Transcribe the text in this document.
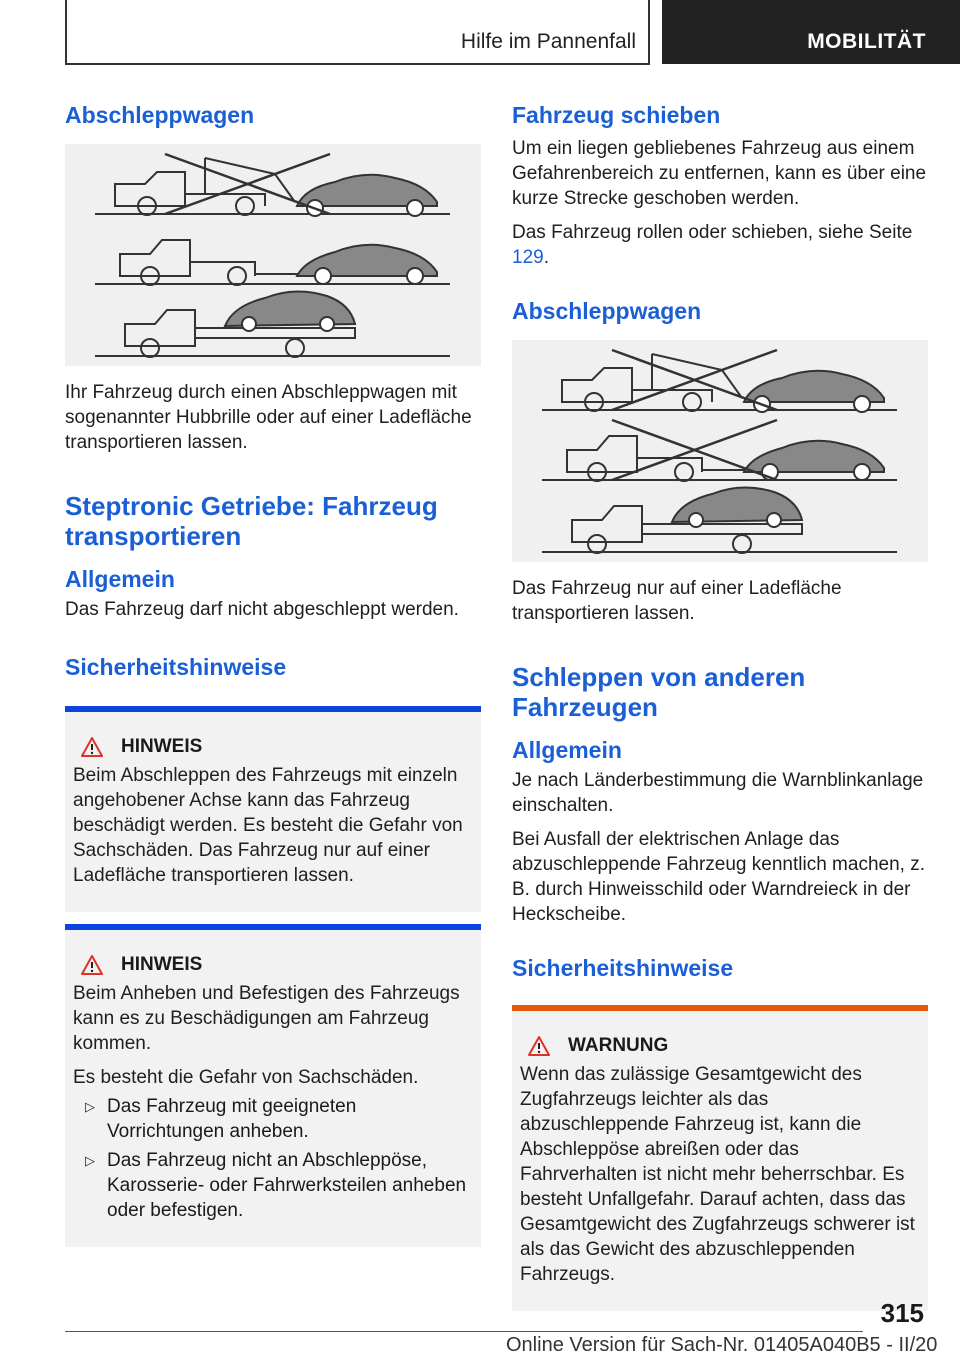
Hilfe im Pannenfall	MOBILITÄT
Abschleppwagen

Ihr Fahrzeug durch einen Abschleppwagen mit sogenannter Hubbrille oder auf einer Ladefläche transportieren lassen.

Steptronic Getriebe: Fahrzeug transportieren
Allgemein

Das Fahrzeug darf nicht abgeschleppt werden.

Sicherheitshinweise
HINWEIS

Beim Abschleppen des Fahrzeugs mit einzeln angehobener Achse kann das Fahrzeug beschädigt werden. Es besteht die Gefahr von Sachschäden. Das Fahrzeug nur auf einer Ladefläche transportieren lassen.

HINWEIS

Beim Anheben und Befestigen des Fahrzeugs kann es zu Beschädigungen am Fahrzeug kommen.

Es besteht die Gefahr von Sachschäden.

▷ Das Fahrzeug mit geeigneten Vorrichtungen anheben.
▷ Das Fahrzeug nicht an Abschleppöse, Karosserie- oder Fahrwerksteilen anheben oder befestigen.
Fahrzeug schieben

Um ein liegen gebliebenes Fahrzeug aus einem Gefahrenbereich zu entfernen, kann es über eine kurze Strecke geschoben werden.

Das Fahrzeug rollen oder schieben, siehe Seite 129.

Abschleppwagen

Das Fahrzeug nur auf einer Ladefläche transportieren lassen.

Schleppen von anderen Fahrzeugen
Allgemein

Je nach Länderbestimmung die Warnblinkanlage einschalten.

Bei Ausfall der elektrischen Anlage das abzuschleppende Fahrzeug kenntlich machen, z. B. durch Hinweisschild oder Warndreieck in der Heckscheibe.

Sicherheitshinweise
WARNUNG

Wenn das zulässige Gesamtgewicht des Zugfahrzeugs leichter als das abzuschleppende Fahrzeug ist, kann die Abschleppöse abreißen oder das Fahrverhalten ist nicht mehr beherrschbar. Es besteht Unfallgefahr. Darauf achten, dass das Gesamtgewicht des Zugfahrzeugs schwerer ist als das Gewicht des abzuschleppenden Fahrzeugs.

315
Online Version für Sach-Nr. 01405A040B5 - II/20
